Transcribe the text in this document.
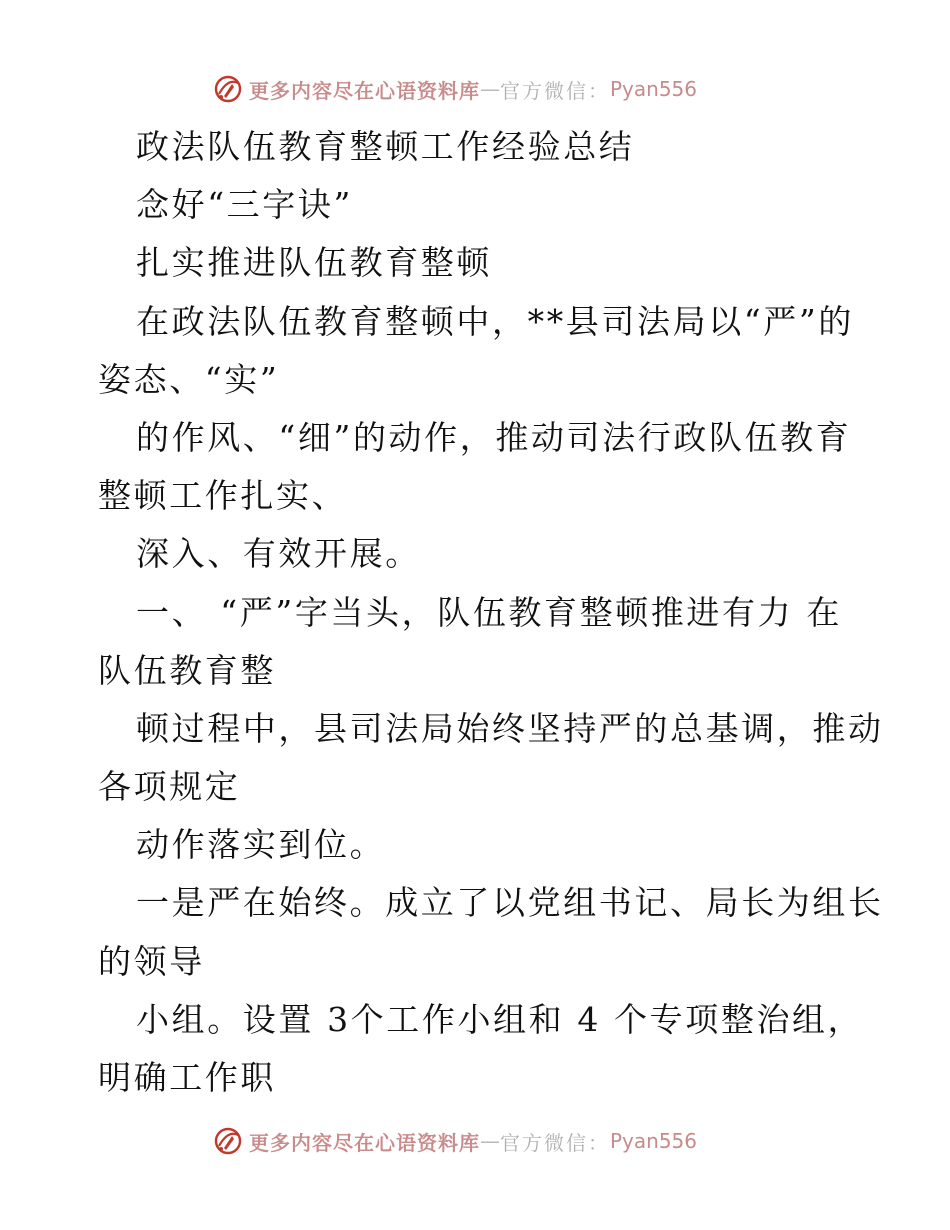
更多内容尽在心语资料库 — 官方微信： Pyan556
政法队伍教育整顿工作经验总结
念好“三字诀”
扎实推进队伍教育整顿
在政法队伍教育整顿中，**县司法局以“严”的
姿态、“实”
的作风、“细”的动作，推动司法行政队伍教育
整顿工作扎实、
深入、有效开展。
一、 “严”字当头，队伍教育整顿推进有力 在
队伍教育整
顿过程中，县司法局始终坚持严的总基调，推动
各项规定
动作落实到位。
一是严在始终。成立了以党组书记、局长为组长
的领导
小组。设置 3个工作小组和 4 个专项整治组，
明确工作职
更多内容尽在心语资料库 — 官方微信： Pyan556
